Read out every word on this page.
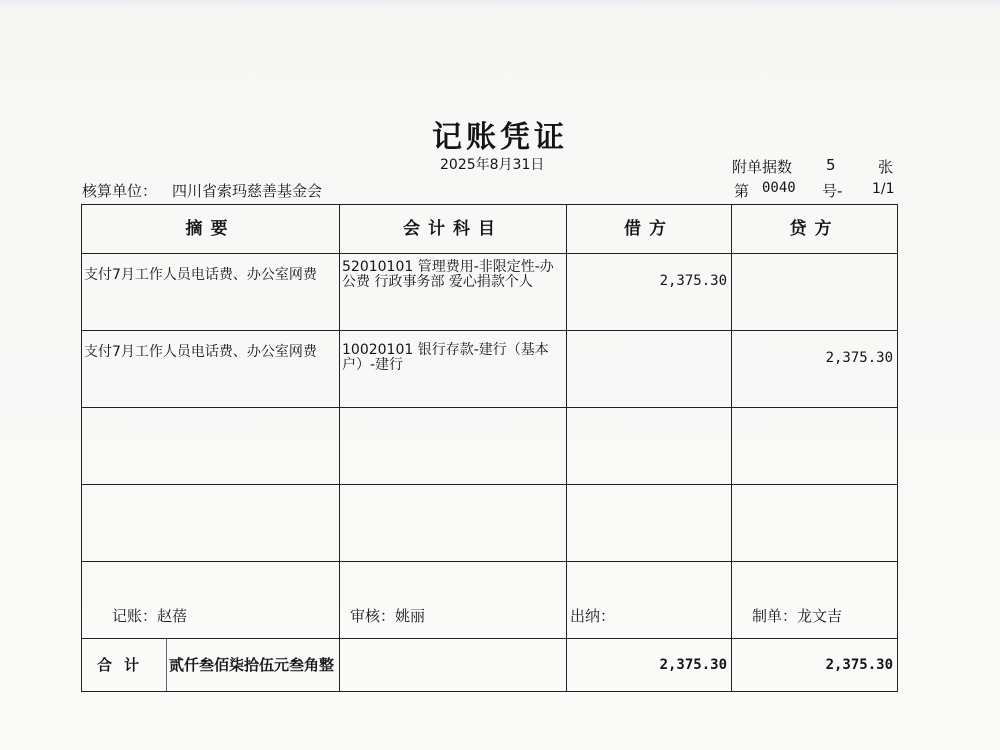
记账凭证
2025年8月31日	附单据数 5	张
核算单位： 四川省索玛慈善基金会	第 0040 号- 1/1
摘要	会计科目	借方	贷方
支付7月工作人员电话费、办公室网费	52010101 管理费用-非限定性-办公费 行政事务部 爱心捐款个人	2,375.30	
支付7月工作人员电话费、办公室网费	10020101 银行存款-建行（基本户）-建行		2,375.30

合计 贰仟叁佰柒拾伍元叁角整		2,375.30	2,375.30
记账：赵蓓	审核：姚丽	出纳：	制单：龙文吉
